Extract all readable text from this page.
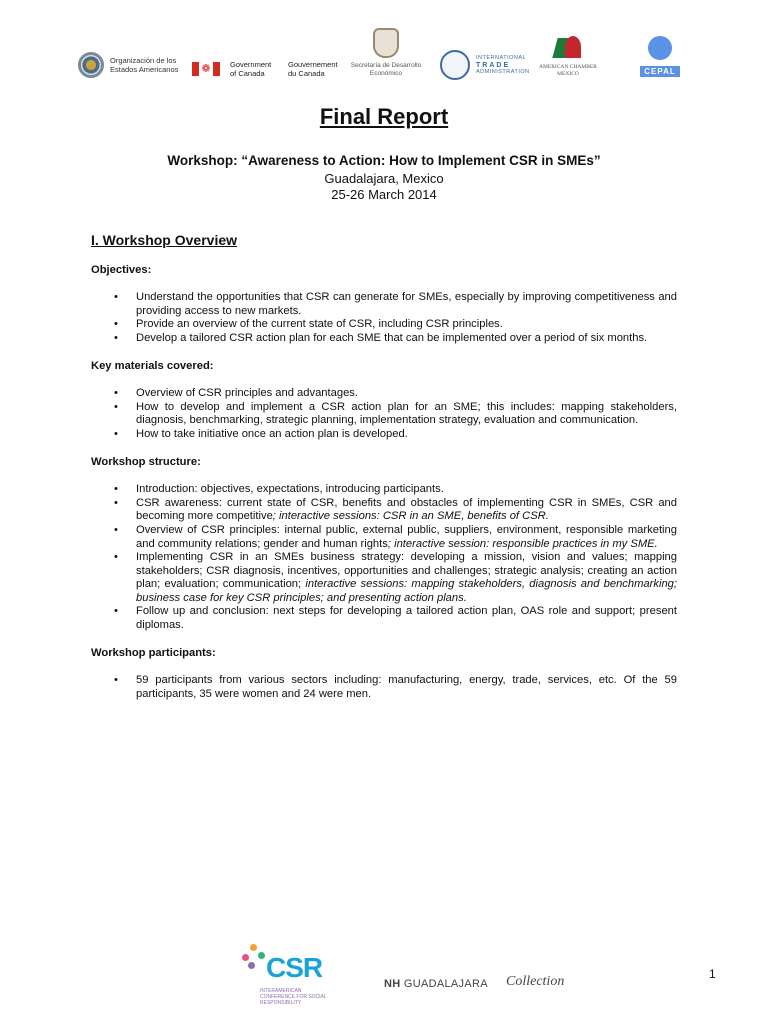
Organización de los Estados Americanos	❁	Government of Canada
Gouvernement du Canada
Secretaría de Desarrollo Económico
INTERNATIONAL
TRADE
ADMINISTRATION
AMERICAN CHAMBER MEXICO	CEPAL
Final Report
Workshop: “Awareness to Action: How to Implement CSR in SMEs”
Guadalajara, Mexico
25-26 March 2014
I. Workshop Overview
Objectives:
• Understand the opportunities that CSR can generate for SMEs, especially by improving competitiveness and providing access to new markets.
• Provide an overview of the current state of CSR, including CSR principles.
• Develop a tailored CSR action plan for each SME that can be implemented over a period of six months.
Key materials covered:
• Overview of CSR principles and advantages.
• How to develop and implement a CSR action plan for an SME; this includes: mapping stakeholders, diagnosis, benchmarking, strategic planning, implementation strategy, evaluation and communication.
• How to take initiative once an action plan is developed.
Workshop structure:
• Introduction: objectives, expectations, introducing participants.
• CSR awareness: current state of CSR, benefits and obstacles of implementing CSR in SMEs, CSR and becoming more competitive; interactive sessions: CSR in an SME, benefits of CSR.
• Overview of CSR principles: internal public, external public, suppliers, environment, responsible marketing and community relations; gender and human rights; interactive session: responsible practices in my SME.
• Implementing CSR in an SMEs business strategy: developing a mission, vision and values; mapping stakeholders; CSR diagnosis, incentives, opportunities and challenges; strategic analysis; creating an action plan; evaluation; communication; interactive sessions: mapping stakeholders, diagnosis and benchmarking; business case for key CSR principles; and presenting action plans.
• Follow up and conclusion: next steps for developing a tailored action plan, OAS role and support; present diplomas.
Workshop participants:
• 59 participants from various sectors including: manufacturing, energy, trade, services, etc. Of the 59 participants, 35 were women and 24 were men.
CSR
INTERAMERICAN CONFERENCE FOR SOCIAL RESPONSIBILITY
NH GUADALAJARA Collection	1
